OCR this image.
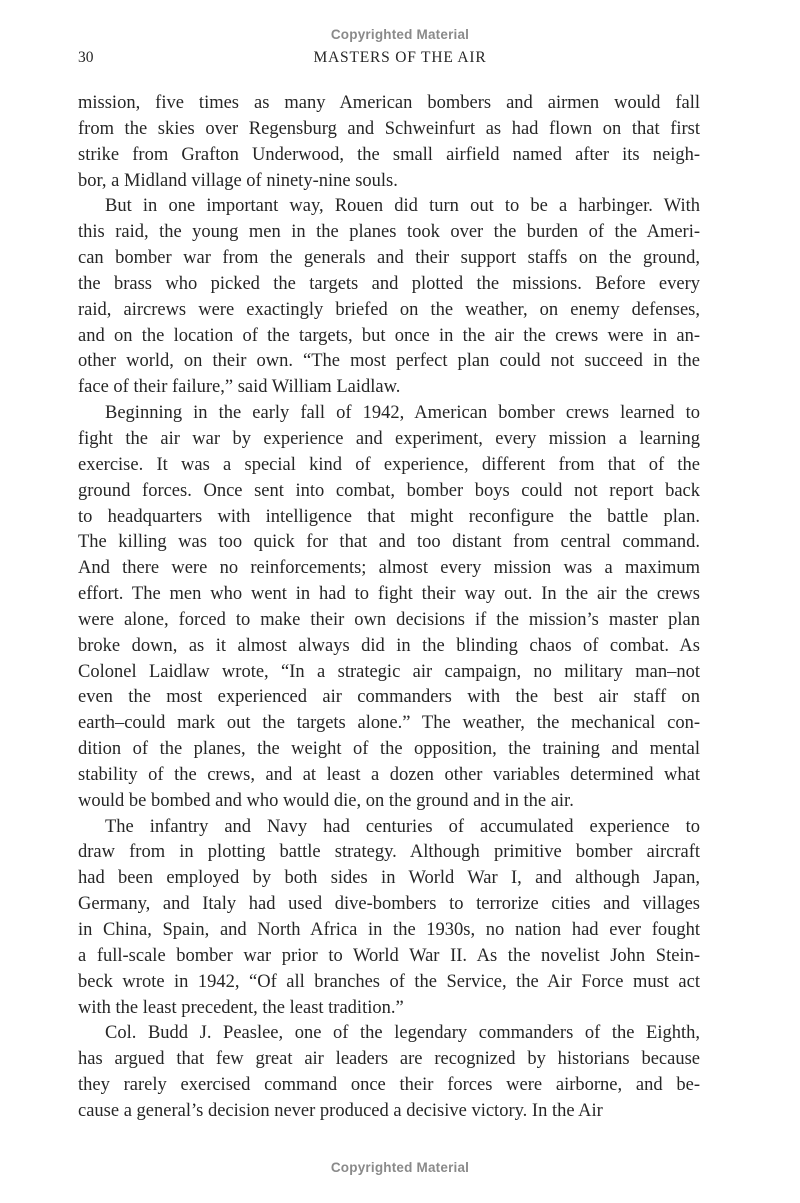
Copyrighted Material
30	MASTERS OF THE AIR
mission, five times as many American bombers and airmen would fall
from the skies over Regensburg and Schweinfurt as had flown on that first
strike from Grafton Underwood, the small airfield named after its neigh-
bor, a Midland village of ninety-nine souls.
But in one important way, Rouen did turn out to be a harbinger. With
this raid, the young men in the planes took over the burden of the Ameri-
can bomber war from the generals and their support staffs on the ground,
the brass who picked the targets and plotted the missions. Before every
raid, aircrews were exactingly briefed on the weather, on enemy defenses,
and on the location of the targets, but once in the air the crews were in an-
other world, on their own. “The most perfect plan could not succeed in the
face of their failure,” said William Laidlaw.
Beginning in the early fall of 1942, American bomber crews learned to
fight the air war by experience and experiment, every mission a learning
exercise. It was a special kind of experience, different from that of the
ground forces. Once sent into combat, bomber boys could not report back
to headquarters with intelligence that might reconfigure the battle plan.
The killing was too quick for that and too distant from central command.
And there were no reinforcements; almost every mission was a maximum
effort. The men who went in had to fight their way out. In the air the crews
were alone, forced to make their own decisions if the mission’s master plan
broke down, as it almost always did in the blinding chaos of combat. As
Colonel Laidlaw wrote, “In a strategic air campaign, no military man–not
even the most experienced air commanders with the best air staff on
earth–could mark out the targets alone.” The weather, the mechanical con-
dition of the planes, the weight of the opposition, the training and mental
stability of the crews, and at least a dozen other variables determined what
would be bombed and who would die, on the ground and in the air.
The infantry and Navy had centuries of accumulated experience to
draw from in plotting battle strategy. Although primitive bomber aircraft
had been employed by both sides in World War I, and although Japan,
Germany, and Italy had used dive-bombers to terrorize cities and villages
in China, Spain, and North Africa in the 1930s, no nation had ever fought
a full-scale bomber war prior to World War II. As the novelist John Stein-
beck wrote in 1942, “Of all branches of the Service, the Air Force must act
with the least precedent, the least tradition.”
Col. Budd J. Peaslee, one of the legendary commanders of the Eighth,
has argued that few great air leaders are recognized by historians because
they rarely exercised command once their forces were airborne, and be-
cause a general’s decision never produced a decisive victory. In the Air
Copyrighted Material
